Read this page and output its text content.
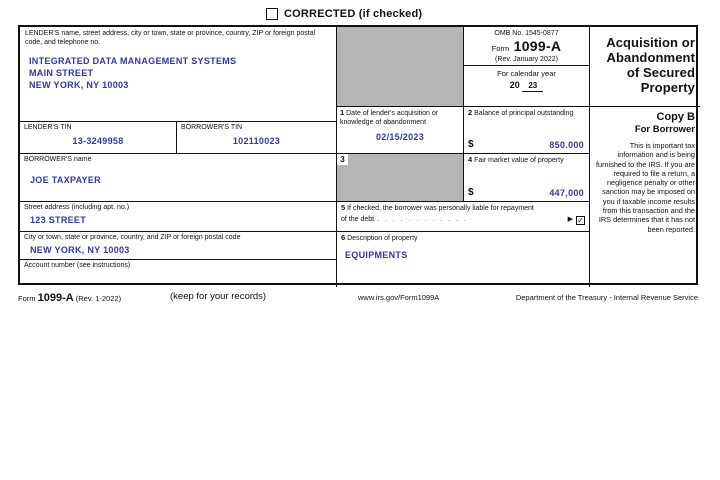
CORRECTED (if checked)
LENDER'S name, street address, city or town, state or province, country, ZIP or foreign postal code, and telephone no.
INTEGRATED DATA MANAGEMENT SYSTEMS
MAIN STREET
NEW YORK, NY 10003
OMB No. 1545-0877
Form 1099-A
(Rev. January 2022)
For calendar year
20 23
Acquisition or Abandonment of Secured Property
Copy B
For Borrower
This is important tax information and is being furnished to the IRS. If you are required to file a return, a negligence penalty or other sanction may be imposed on you if taxable income results from this transaction and the IRS determines that it has not been reported.
LENDER'S TIN
13-3249958
BORROWER'S TIN
102110023
BORROWER'S name
JOE TAXPAYER
Street address (including apt. no.)
123 STREET
City or town, state or province, country, and ZIP or foreign postal code
NEW YORK, NY 10003
Account number (see instructions)
1 Date of lender's acquisition or knowledge of abandonment
02/15/2023
2 Balance of principal outstanding
$	850.000
3	4 Fair market value of property
$	447,000
5 If checked, the borrower was personally liable for repayment
of the debt . . . . . . . . . . . .	▶ ✓
6 Description of property
EQUIPMENTS
Form 1099-A (Rev. 1-2022)	(keep for your records)	www.irs.gov/Form1099A	Department of the Treasury - Internal Revenue Service
